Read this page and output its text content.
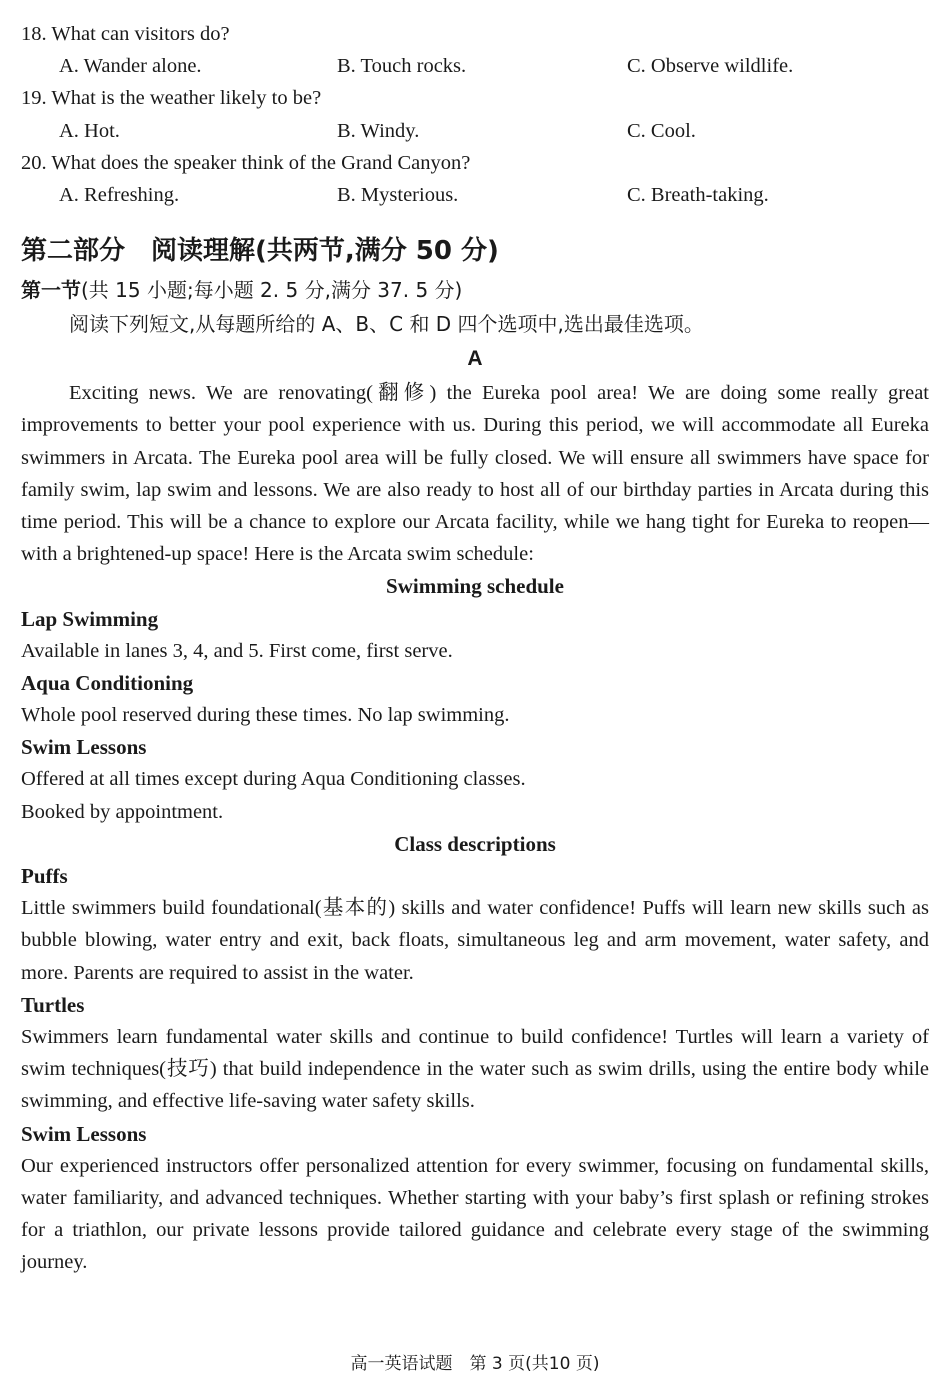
18. What can visitors do?
A. Wander alone.	B. Touch rocks.	C. Observe wildlife.
19. What is the weather likely to be?
A. Hot.	B. Windy.	C. Cool.
20. What does the speaker think of the Grand Canyon?
A. Refreshing.	B. Mysterious.	C. Breath-taking.
第二部分　阅读理解(共两节,满分 50 分)
第一节(共 15 小题;每小题 2. 5 分,满分 37. 5 分)
阅读下列短文,从每题所给的 A、B、C 和 D 四个选项中,选出最佳选项。
A

Exciting news. We are renovating(翻修) the Eureka pool area! We are doing some really great improvements to better your pool experience with us. During this period, we will accommodate all Eureka swimmers in Arcata. The Eureka pool area will be fully closed. We will ensure all swimmers have space for family swim, lap swim and lessons. We are also ready to host all of our birthday parties in Arcata during this time period. This will be a chance to explore our Arcata facility, while we hang tight for Eureka to reopen—with a brightened-up space! Here is the Arcata swim schedule:

Swimming schedule
Lap Swimming
Available in lanes 3, 4, and 5. First come, first serve.
Aqua Conditioning
Whole pool reserved during these times. No lap swimming.
Swim Lessons
Offered at all times except during Aqua Conditioning classes.
Booked by appointment.
Class descriptions
Puffs

Little swimmers build foundational(基本的) skills and water confidence! Puffs will learn new skills such as bubble blowing, water entry and exit, back floats, simultaneous leg and arm movement, water safety, and more. Parents are required to assist in the water.

Turtles

Swimmers learn fundamental water skills and continue to build confidence! Turtles will learn a variety of swim techniques(技巧) that build independence in the water such as swim drills, using the entire body while swimming, and effective life-saving water safety skills.

Swim Lessons

Our experienced instructors offer personalized attention for every swimmer, focusing on fundamental skills, water familiarity, and advanced techniques. Whether starting with your baby’s first splash or refining strokes for a triathlon, our private lessons provide tailored guidance and celebrate every stage of the swimming journey.

高一英语试题　第 3 页(共10 页)
